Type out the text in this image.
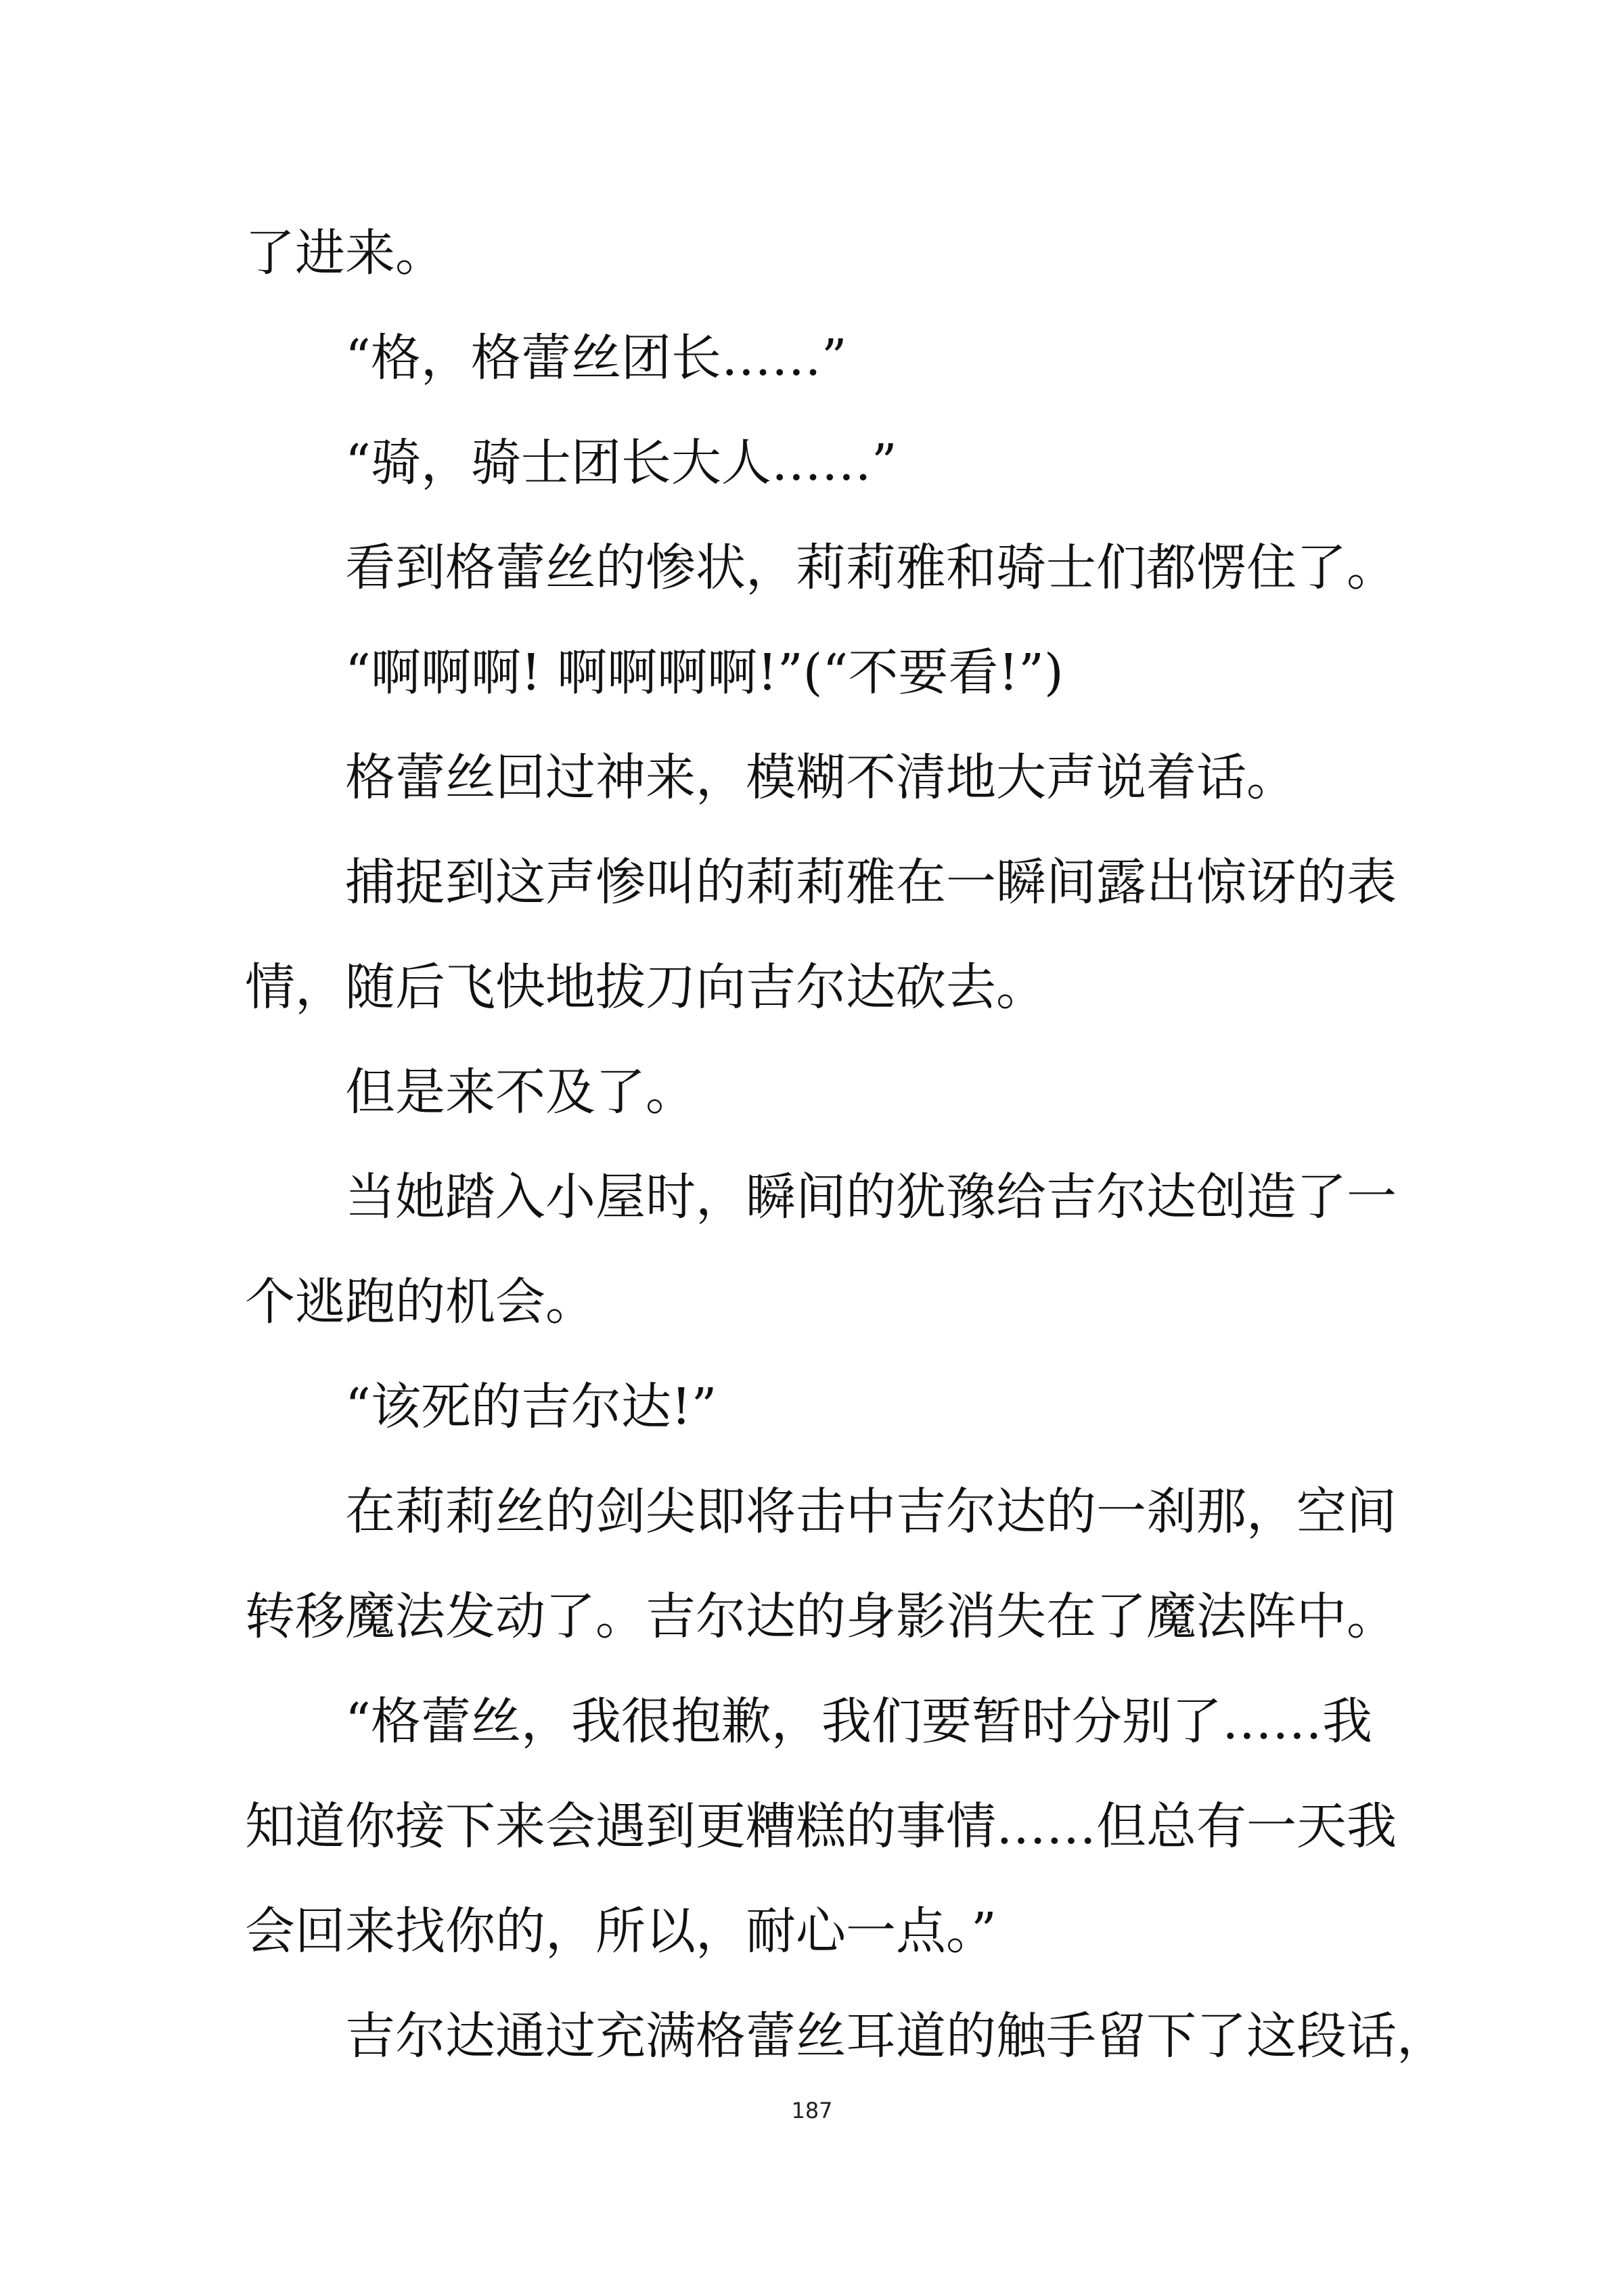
了进来。
“格，格蕾丝团长……”
“骑，骑士团长大人……”
看到格蕾丝的惨状，莉莉雅和骑士们都愣住了。
“啊啊啊! 啊啊啊啊!”(“不要看!”)
格蕾丝回过神来，模糊不清地大声说着话。
捕捉到这声惨叫的莉莉雅在一瞬间露出惊讶的表
情，随后飞快地拔刀向吉尔达砍去。
但是来不及了。
当她踏入小屋时，瞬间的犹豫给吉尔达创造了一
个逃跑的机会。
“该死的吉尔达!”
在莉莉丝的剑尖即将击中吉尔达的一刹那，空间
转移魔法发动了。吉尔达的身影消失在了魔法阵中。
“格蕾丝，我很抱歉，我们要暂时分别了……我
知道你接下来会遇到更糟糕的事情……但总有一天我
会回来找你的，所以，耐心一点。”
吉尔达通过充满格蕾丝耳道的触手留下了这段话，
187
